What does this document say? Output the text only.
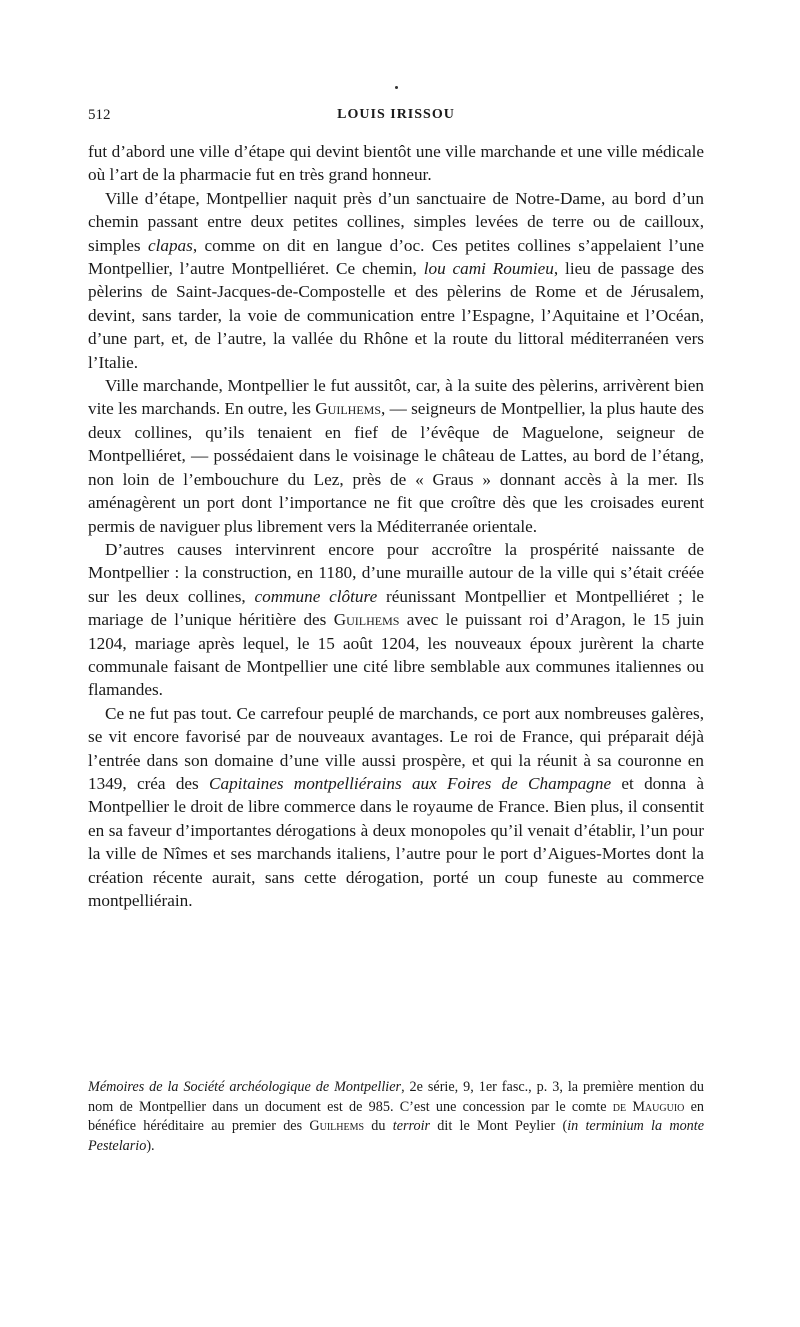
512	LOUIS IRISSOU

fut d’abord une ville d’étape qui devint bientôt une ville marchande et une ville médicale où l’art de la pharmacie fut en très grand honneur.

Ville d’étape, Montpellier naquit près d’un sanctuaire de Notre-Dame, au bord d’un chemin passant entre deux petites collines, simples levées de terre ou de cailloux, simples clapas, comme on dit en langue d’oc. Ces petites collines s’appelaient l’une Montpellier, l’autre Montpelliéret. Ce chemin, lou cami Roumieu, lieu de passage des pèlerins de Saint-Jacques-de-Compostelle et des pèlerins de Rome et de Jérusalem, devint, sans tarder, la voie de communication entre l’Espagne, l’Aquitaine et l’Océan, d’une part, et, de l’autre, la vallée du Rhône et la route du littoral méditerranéen vers l’Italie.

Ville marchande, Montpellier le fut aussitôt, car, à la suite des pèlerins, arrivèrent bien vite les marchands. En outre, les Guilhems, — seigneurs de Montpellier, la plus haute des deux collines, qu’ils tenaient en fief de l’évêque de Maguelone, seigneur de Montpelliéret, — possédaient dans le voisinage le château de Lattes, au bord de l’étang, non loin de l’embouchure du Lez, près de « Graus » donnant accès à la mer. Ils aménagèrent un port dont l’importance ne fit que croître dès que les croisades eurent permis de naviguer plus librement vers la Méditerranée orientale.

D’autres causes intervinrent encore pour accroître la prospérité naissante de Montpellier : la construction, en 1180, d’une muraille autour de la ville qui s’était créée sur les deux collines, commune clôture réunissant Montpellier et Montpelliéret ; le mariage de l’unique héritière des Guilhems avec le puissant roi d’Aragon, le 15 juin 1204, mariage après lequel, le 15 août 1204, les nouveaux époux jurèrent la charte communale faisant de Montpellier une cité libre semblable aux communes italiennes ou flamandes.

Ce ne fut pas tout. Ce carrefour peuplé de marchands, ce port aux nombreuses galères, se vit encore favorisé par de nouveaux avantages. Le roi de France, qui préparait déjà l’entrée dans son domaine d’une ville aussi prospère, et qui la réunit à sa couronne en 1349, créa des Capitaines montpelliérains aux Foires de Champagne et donna à Montpellier le droit de libre commerce dans le royaume de France. Bien plus, il consentit en sa faveur d’importantes dérogations à deux monopoles qu’il venait d’établir, l’un pour la ville de Nîmes et ses marchands italiens, l’autre pour le port d’Aigues-Mortes dont la création récente aurait, sans cette dérogation, porté un coup funeste au commerce montpelliérain.

Mémoires de la Société archéologique de Montpellier, 2e série, 9, 1er fasc., p. 3, la première mention du nom de Montpellier dans un document est de 985. C’est une concession par le comte de Mauguio en bénéfice héréditaire au premier des Guilhems du terroir dit le Mont Peylier (in terminium la monte Pestelario).
